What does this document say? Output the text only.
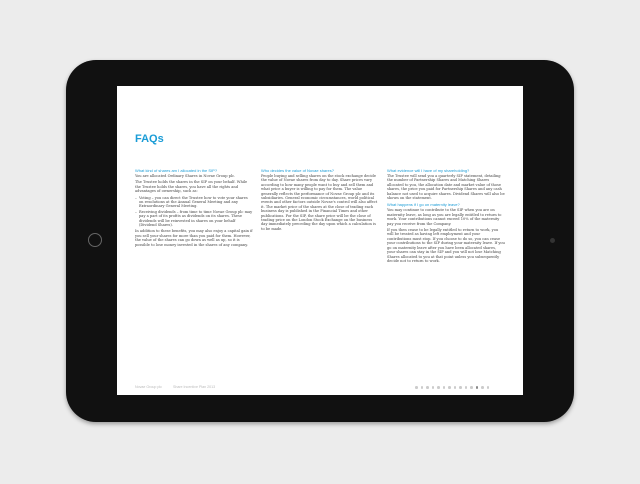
FAQs
What kind of shares am I allocated in the SIP?

You are allocated Ordinary Shares in Novae Group plc.

The Trustee holds the shares in the SIP on your behalf. While the Trustee holds the shares, you have all the rights and advantages of ownership, such as:

– Voting – you can direct the Trustee how to vote your shares on resolutions at the Annual General Meeting and any Extraordinary General Meeting.
– Receiving dividends – from time to time Novae Group plc may pay a part of its profits as dividends on its shares. These dividends will be reinvested in shares on your behalf (Dividend Shares).

In addition to these benefits, you may also enjoy a capital gain if you sell your shares for more than you paid for them. However, the value of the shares can go down as well as up, so it is possible to lose money invested in the shares of any company.

Who decides the value of Novae shares?

People buying and selling shares on the stock exchange decide the value of Novae shares from day to day. Share prices vary according to how many people want to buy and sell them and what price a buyer is willing to pay for them. The value generally reflects the performance of Novae Group plc and its subsidiaries. General economic circumstances, world political events and other factors outside Novae's control will also affect it. The market price of the shares at the close of trading each business day is published in the Financial Times and other publications. For the SIP, the share price will be the close of trading price on the London Stock Exchange on the business day immediately preceding the day upon which a calculation is to be made.

What evidence will I have of my shareholding?

The Trustee will send you a quarterly SIP statement, detailing the number of Partnership Shares and Matching Shares allocated to you, the allocation date and market value of those shares, the price you paid for Partnership Shares and any cash balance not used to acquire shares. Dividend Shares will also be shown on the statement.

What happens if I go on maternity leave?

You may continue to contribute to the SIP when you are on maternity leave, as long as you are legally entitled to return to work. Your contributions cannot exceed 10% of the maternity pay you receive from the Company.

If you then cease to be legally entitled to return to work, you will be treated as having left employment and your contributions must stop. If you choose to do so, you can cease your contributions to the SIP during your maternity leave. If you go on maternity leave after you have been allocated shares, your shares can stay in the SIP and you will not lose Matching Shares allocated to you at that point unless you subsequently decide not to return to work.

Novae Group plc	Share Incentive Plan 2013
